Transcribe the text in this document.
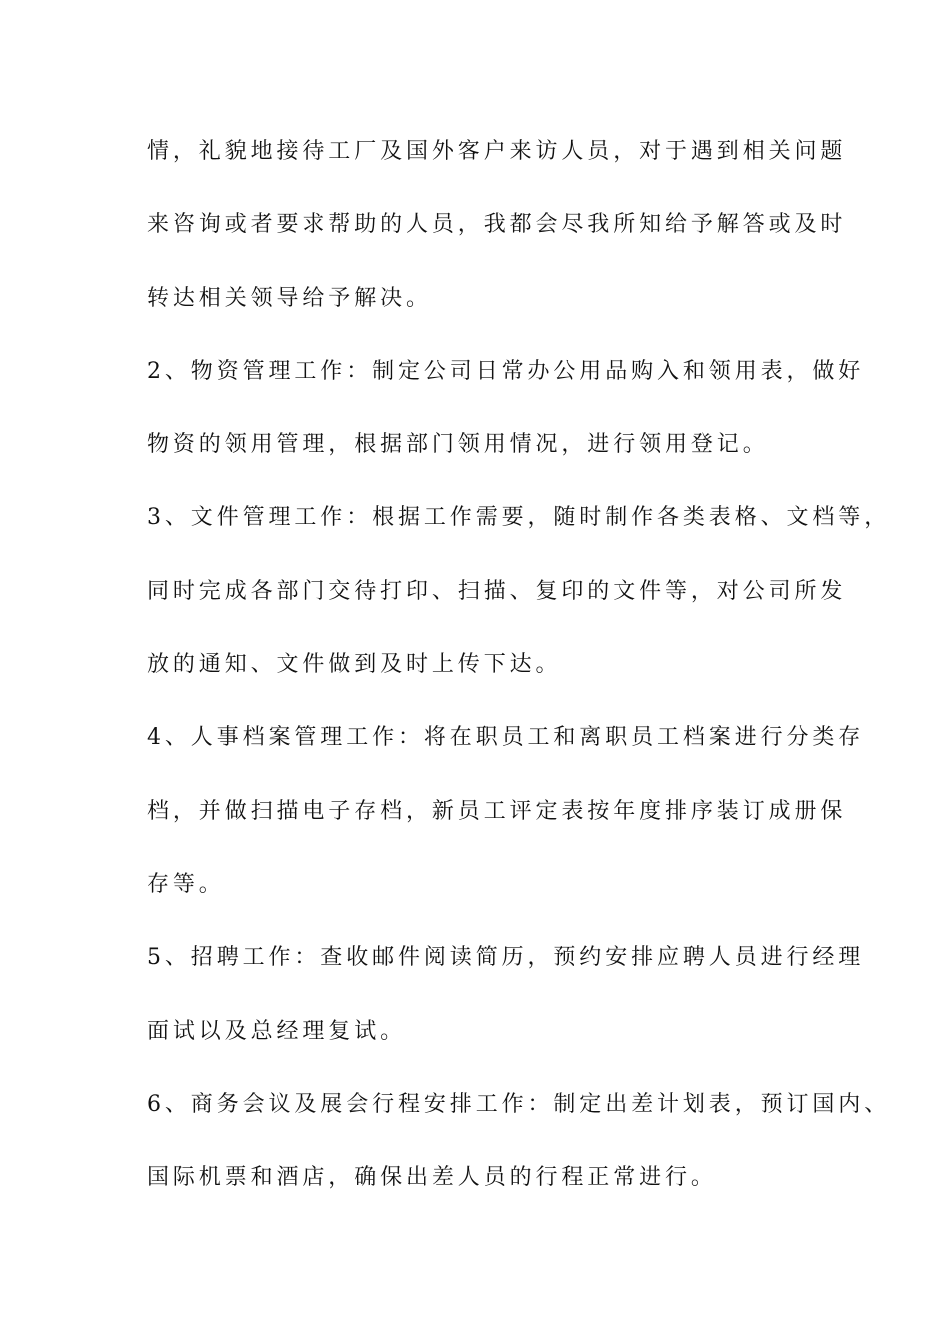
情，礼貌地接待工厂及国外客户来访人员，对于遇到相关问题
来咨询或者要求帮助的人员，我都会尽我所知给予解答或及时
转达相关领导给予解决。
2、物资管理工作：制定公司日常办公用品购入和领用表，做好
物资的领用管理，根据部门领用情况，进行领用登记。
3、文件管理工作：根据工作需要，随时制作各类表格、文档等，
同时完成各部门交待打印、扫描、复印的文件等，对公司所发
放的通知、文件做到及时上传下达。
4、人事档案管理工作：将在职员工和离职员工档案进行分类存
档，并做扫描电子存档，新员工评定表按年度排序装订成册保
存等。
5、招聘工作：查收邮件阅读简历，预约安排应聘人员进行经理
面试以及总经理复试。
6、商务会议及展会行程安排工作：制定出差计划表，预订国内、
国际机票和酒店，确保出差人员的行程正常进行。
